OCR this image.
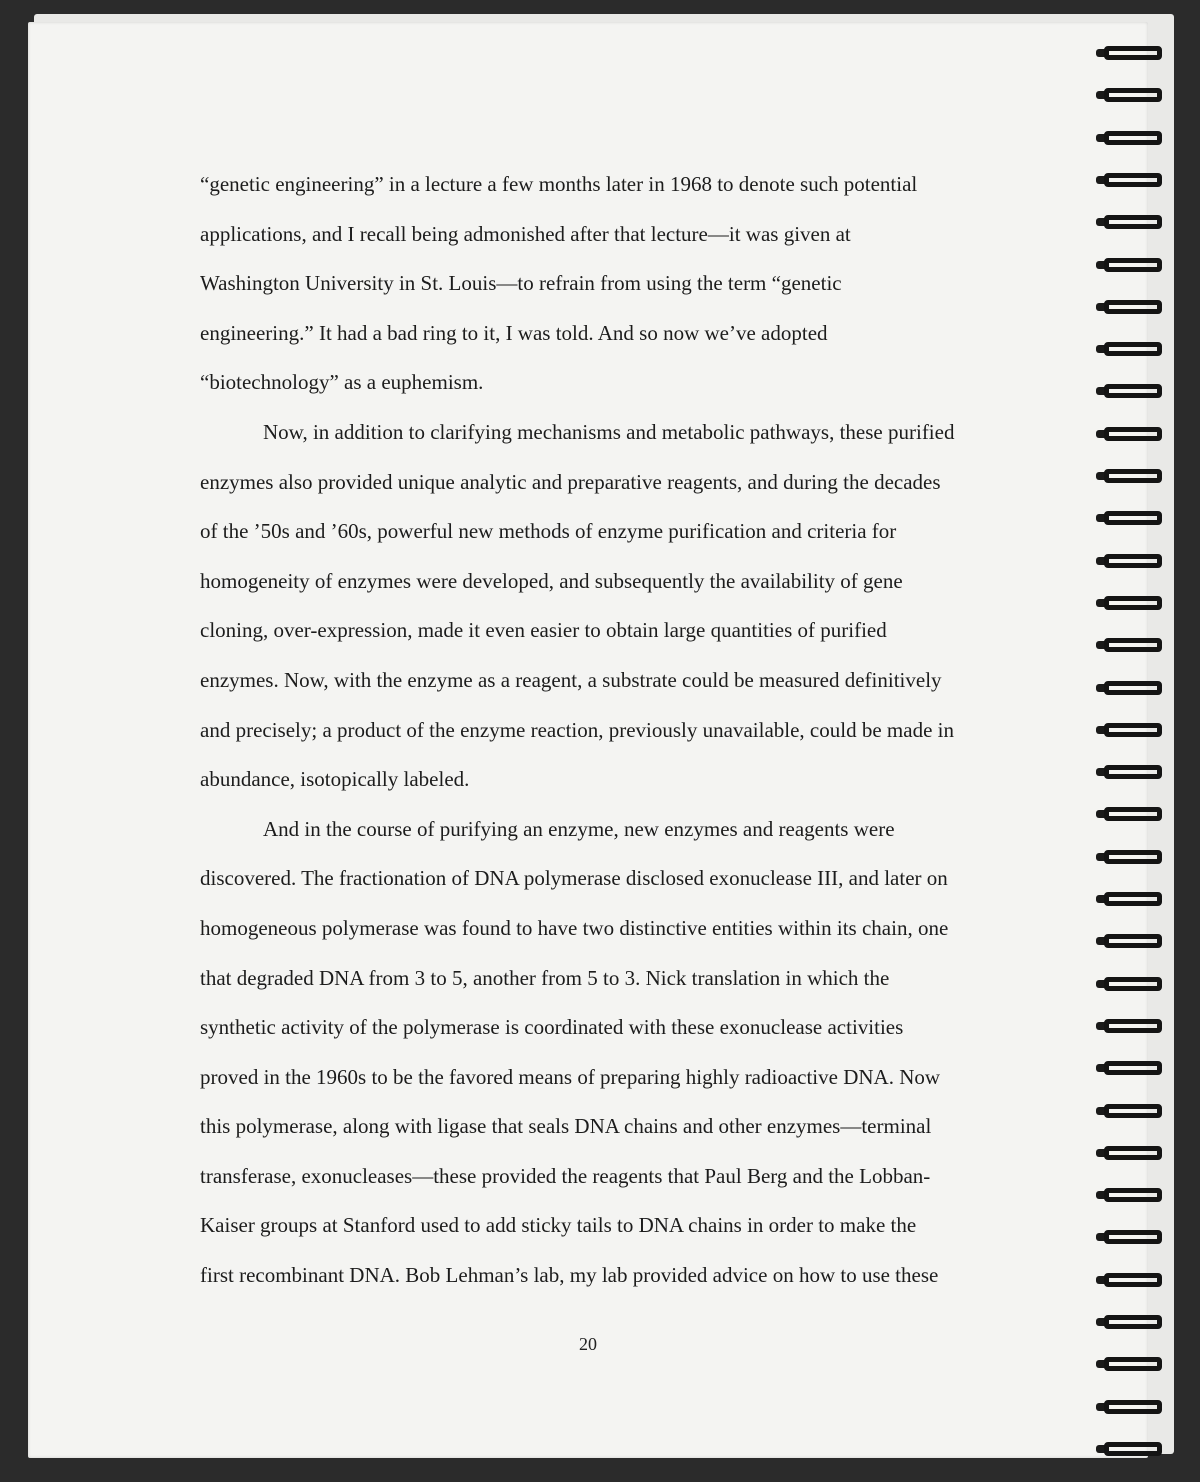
“genetic engineering” in a lecture a few months later in 1968 to denote such potential
applications, and I recall being admonished after that lecture—it was given at
Washington University in St. Louis—to refrain from using the term “genetic
engineering.” It had a bad ring to it, I was told. And so now we’ve adopted
“biotechnology” as a euphemism.

Now, in addition to clarifying mechanisms and metabolic pathways, these purified
enzymes also provided unique analytic and preparative reagents, and during the decades
of the ’50s and ’60s, powerful new methods of enzyme purification and criteria for
homogeneity of enzymes were developed, and subsequently the availability of gene
cloning, over-expression, made it even easier to obtain large quantities of purified
enzymes. Now, with the enzyme as a reagent, a substrate could be measured definitively
and precisely; a product of the enzyme reaction, previously unavailable, could be made in
abundance, isotopically labeled.

And in the course of purifying an enzyme, new enzymes and reagents were
discovered. The fractionation of DNA polymerase disclosed exonuclease III, and later on
homogeneous polymerase was found to have two distinctive entities within its chain, one
that degraded DNA from 3 to 5, another from 5 to 3. Nick translation in which the
synthetic activity of the polymerase is coordinated with these exonuclease activities
proved in the 1960s to be the favored means of preparing highly radioactive DNA. Now
this polymerase, along with ligase that seals DNA chains and other enzymes—terminal
transferase, exonucleases—these provided the reagents that Paul Berg and the Lobban-
Kaiser groups at Stanford used to add sticky tails to DNA chains in order to make the
first recombinant DNA. Bob Lehman’s lab, my lab provided advice on how to use these

20
